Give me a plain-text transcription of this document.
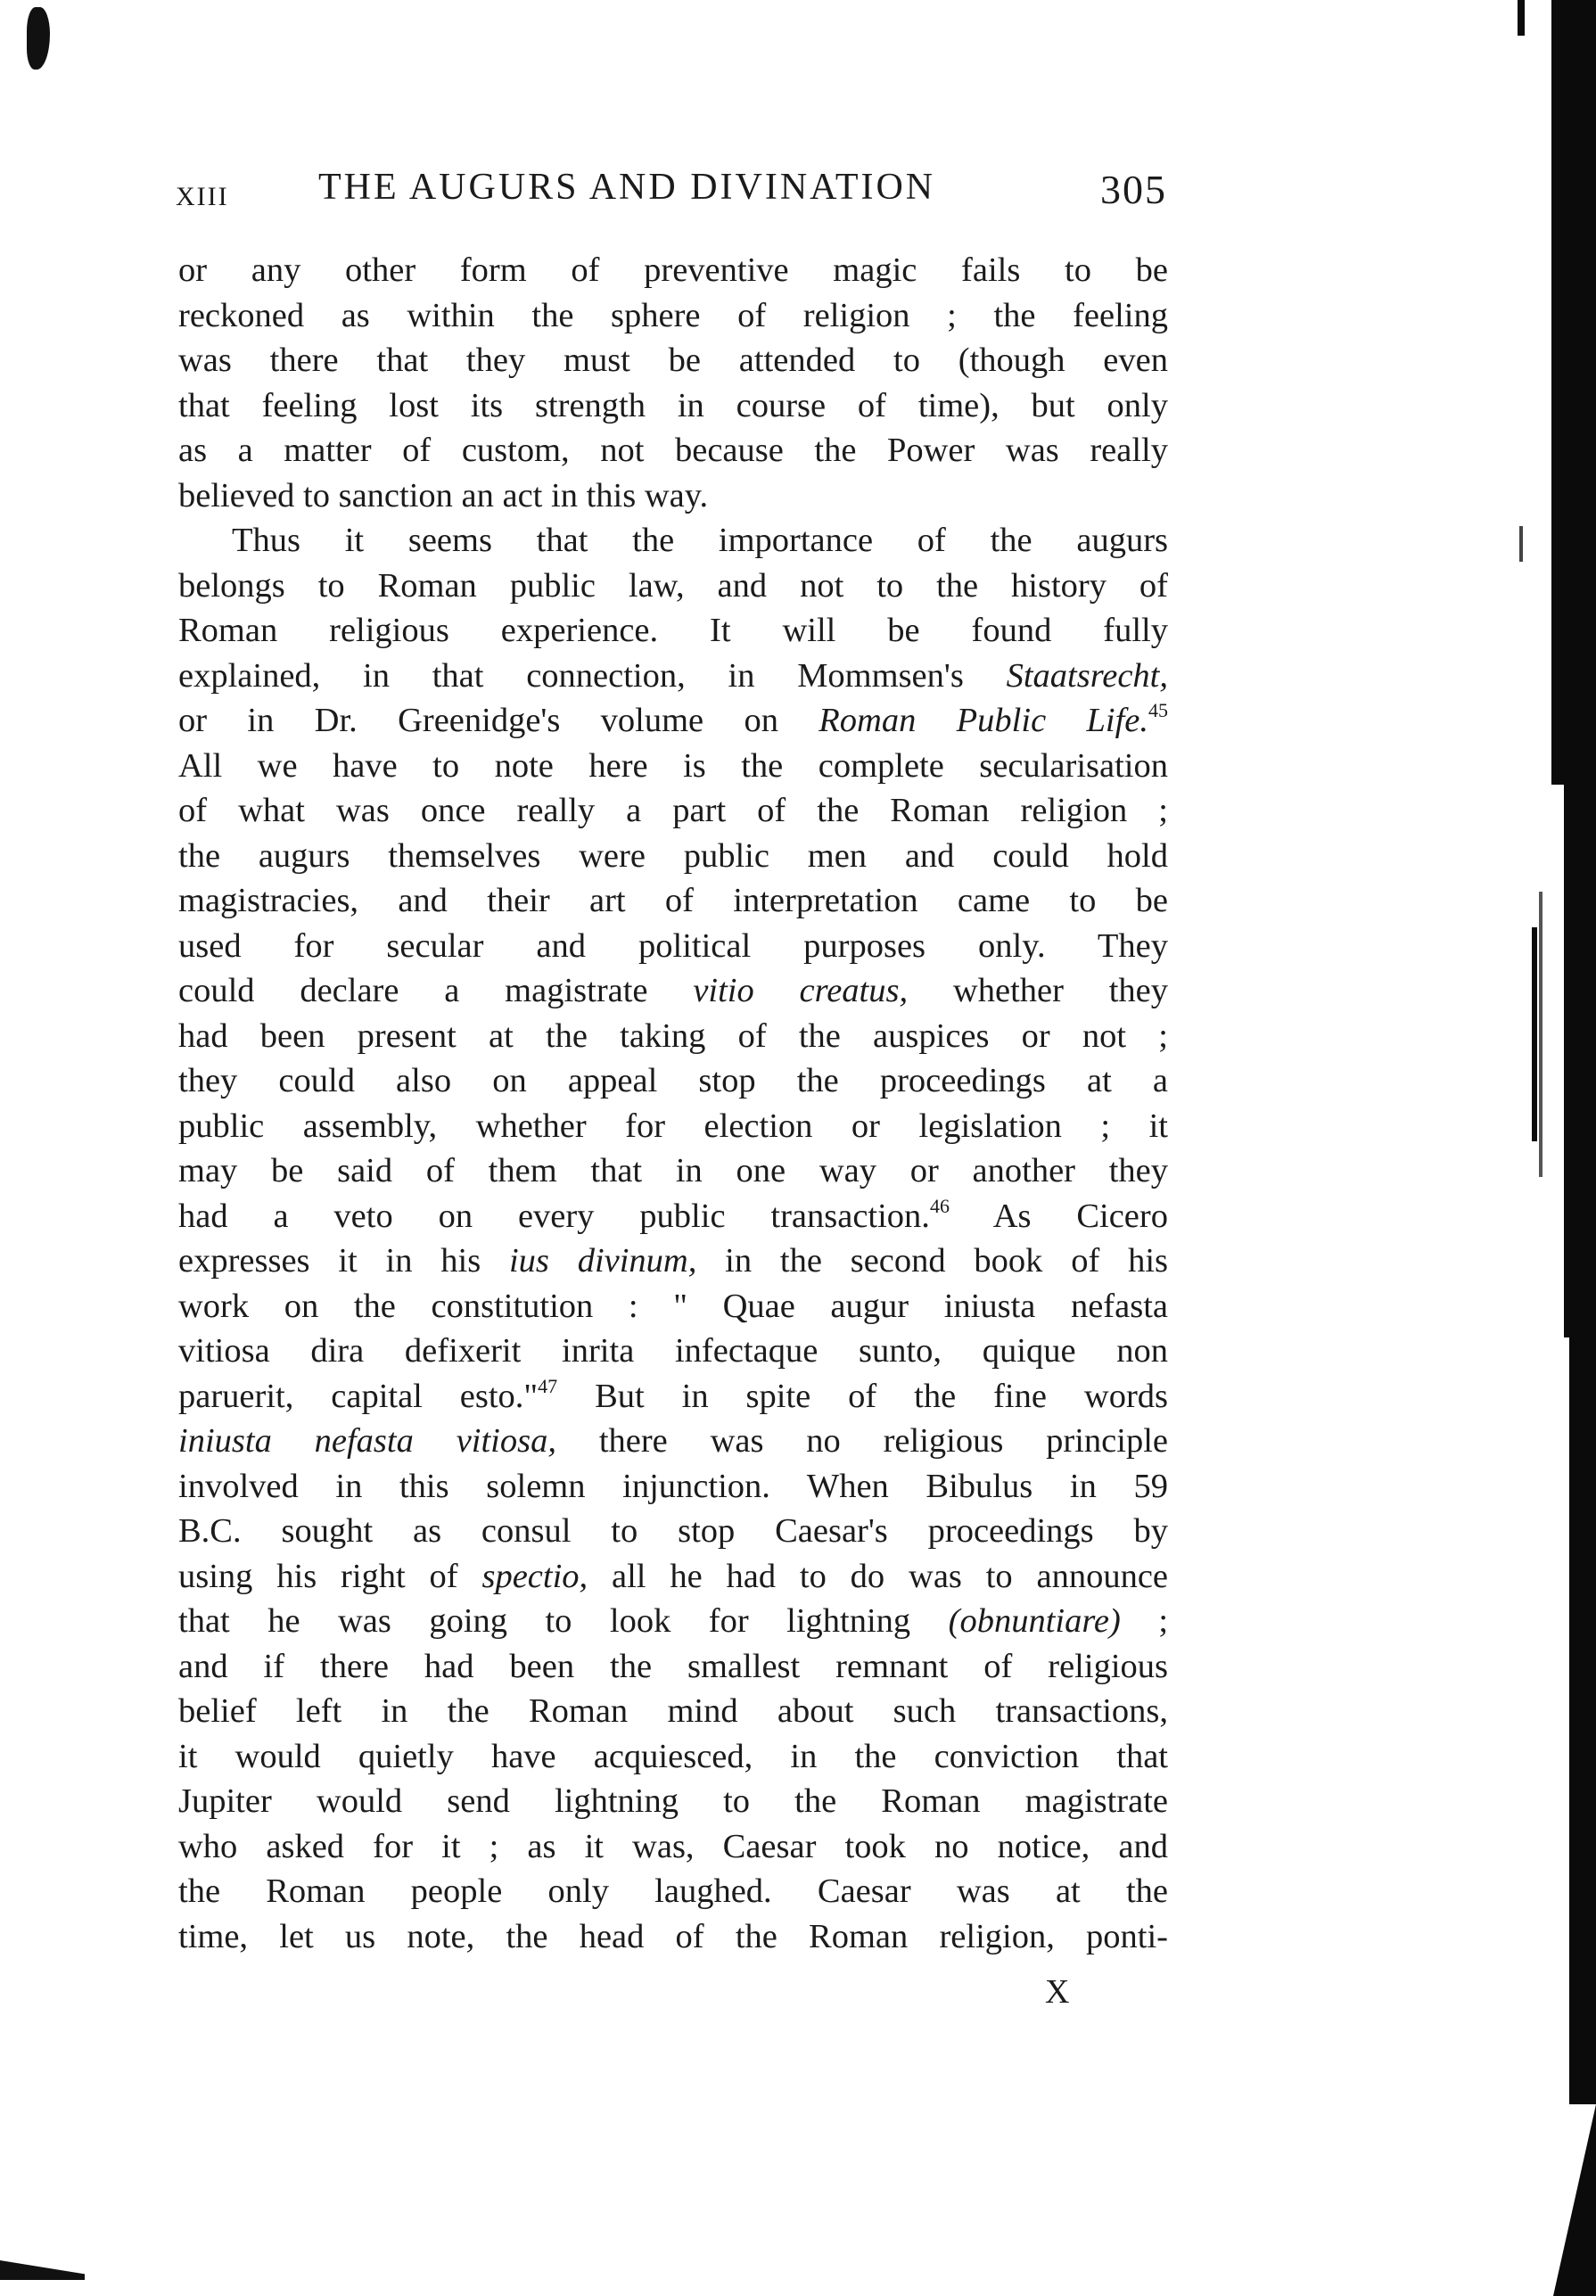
XIII THE AUGURS AND DIVINATION	305
or any other form of preventive magic fails to be
reckoned as within the sphere of religion ; the feeling
was there that they must be attended to (though even
that feeling lost its strength in course of time), but only
as a matter of custom, not because the Power was really
believed to sanction an act in this way.
Thus it seems that the importance of the augurs
belongs to Roman public law, and not to the history of
Roman religious experience. It will be found fully
explained, in that connection, in Mommsen's Staatsrecht,
or in Dr. Greenidge's volume on Roman Public Life.$^{45}$
All we have to note here is the complete secularisation
of what was once really a part of the Roman religion ;
the augurs themselves were public men and could hold
magistracies, and their art of interpretation came to be
used for secular and political purposes only. They
could declare a magistrate vitio creatus, whether they
had been present at the taking of the auspices or not ;
they could also on appeal stop the proceedings at a
public assembly, whether for election or legislation ; it
may be said of them that in one way or another they
had a veto on every public transaction.$^{46}$ As Cicero
expresses it in his ius divinum, in the second book of his
work on the constitution : " Quae augur iniusta nefasta
vitiosa dira defixerit inrita infectaque sunto, quique non
paruerit, capital esto."$^{47}$ But in spite of the fine words
iniusta nefasta vitiosa, there was no religious principle
involved in this solemn injunction. When Bibulus in 59
B.C. sought as consul to stop Caesar's proceedings by
using his right of spectio, all he had to do was to announce
that he was going to look for lightning (obnuntiare) ;
and if there had been the smallest remnant of religious
belief left in the Roman mind about such transactions,
it would quietly have acquiesced, in the conviction that
Jupiter would send lightning to the Roman magistrate
who asked for it ; as it was, Caesar took no notice, and
the Roman people only laughed. Caesar was at the
time, let us note, the head of the Roman religion, ponti-
X
